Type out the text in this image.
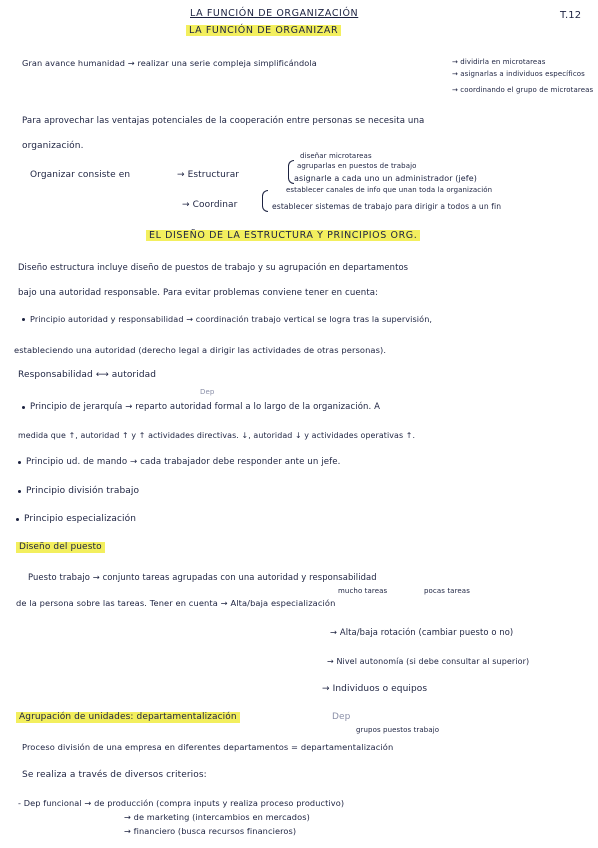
LA FUNCIÓN DE ORGANIZACIÓN	T.12
LA FUNCIÓN DE ORGANIZAR
Gran avance humanidad → realizar una serie compleja simplificándola	→ dividirla en microtareas
→ asignarlas a individuos específicos
→ coordinando el grupo de microtareas
Para aprovechar las ventajas potenciales de la cooperación entre personas se necesita una
organización.
Organizar consiste en	→ Estructurar
diseñar microtareas
agruparlas en puestos de trabajo
asignarle a cada uno un administrador (jefe)
→ Coordinar
establecer canales de info que unan toda la organización
establecer sistemas de trabajo para dirigir a todos a un fin
EL DISEÑO DE LA ESTRUCTURA Y PRINCIPIOS ORG.
Diseño estructura incluye diseño de puestos de trabajo y su agrupación en departamentos
bajo una autoridad responsable. Para evitar problemas conviene tener en cuenta:
Principio autoridad y responsabilidad → coordinación trabajo vertical se logra tras la supervisión,
estableciendo una autoridad (derecho legal a dirigir las actividades de otras personas).
Responsabilidad ⟷ autoridad
Dep
Principio de jerarquía → reparto autoridad formal a lo largo de la organización. A
medida que ↑, autoridad ↑ y ↑ actividades directivas. ↓, autoridad ↓ y actividades operativas ↑.
Principio ud. de mando → cada trabajador debe responder ante un jefe.
Principio división trabajo
Principio especialización
Diseño del puesto
Puesto trabajo → conjunto tareas agrupadas con una autoridad y responsabilidad
mucho tareas	pocas tareas
de la persona sobre las tareas. Tener en cuenta → Alta/baja especialización
→ Alta/baja rotación (cambiar puesto o no)
→ Nivel autonomía (si debe consultar al superior)
→ Individuos o equipos
Agrupación de unidades: departamentalización	Dep
grupos puestos trabajo
Proceso división de una empresa en diferentes departamentos = departamentalización
Se realiza a través de diversos criterios:
- Dep funcional → de producción (compra inputs y realiza proceso productivo)
→ de marketing (intercambios en mercados)
→ financiero (busca recursos financieros)
